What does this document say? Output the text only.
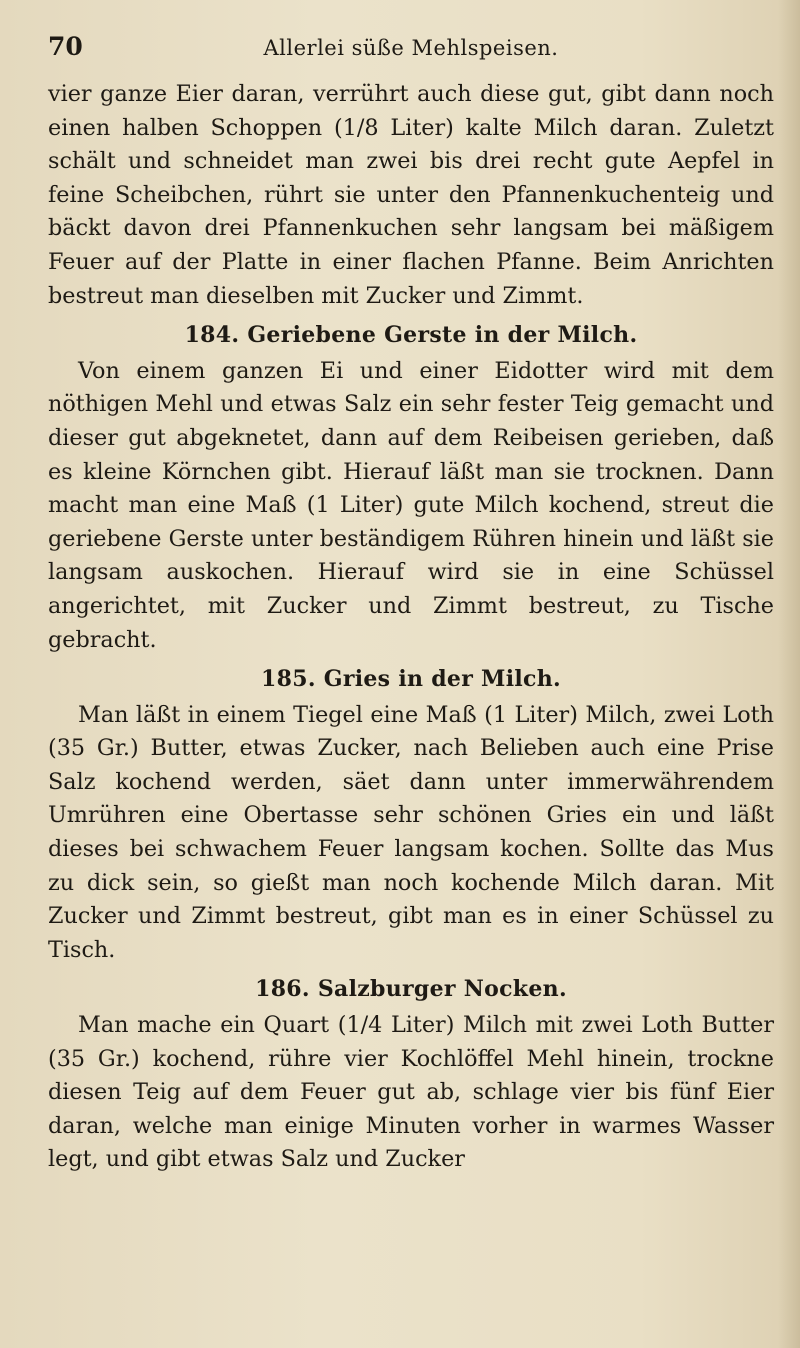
70	Allerlei süße Mehlspeisen.

vier ganze Eier daran, verrührt auch diese gut, gibt dann noch einen halben Schoppen (1/8 Liter) kalte Milch daran. Zuletzt schält und schneidet man zwei bis drei recht gute Aepfel in feine Scheibchen, rührt sie unter den Pfannenkuchenteig und bäckt davon drei Pfannenkuchen sehr langsam bei mäßigem Feuer auf der Platte in einer flachen Pfanne. Beim Anrichten bestreut man dieselben mit Zucker und Zimmt.

184. Geriebene Gerste in der Milch.

Von einem ganzen Ei und einer Eidotter wird mit dem nöthigen Mehl und etwas Salz ein sehr fester Teig gemacht und dieser gut abgeknetet, dann auf dem Reibeisen gerieben, daß es kleine Körnchen gibt. Hierauf läßt man sie trocknen. Dann macht man eine Maß (1 Liter) gute Milch kochend, streut die geriebene Gerste unter beständigem Rühren hinein und läßt sie langsam auskochen. Hierauf wird sie in eine Schüssel angerichtet, mit Zucker und Zimmt bestreut, zu Tische gebracht.

185. Gries in der Milch.

Man läßt in einem Tiegel eine Maß (1 Liter) Milch, zwei Loth (35 Gr.) Butter, etwas Zucker, nach Belieben auch eine Prise Salz kochend werden, säet dann unter immerwährendem Umrühren eine Obertasse sehr schönen Gries ein und läßt dieses bei schwachem Feuer langsam kochen. Sollte das Mus zu dick sein, so gießt man noch kochende Milch daran. Mit Zucker und Zimmt bestreut, gibt man es in einer Schüssel zu Tisch.

186. Salzburger Nocken.

Man mache ein Quart (1/4 Liter) Milch mit zwei Loth Butter (35 Gr.) kochend, rühre vier Kochlöffel Mehl hinein, trockne diesen Teig auf dem Feuer gut ab, schlage vier bis fünf Eier daran, welche man einige Minuten vorher in warmes Wasser legt, und gibt etwas Salz und Zucker
